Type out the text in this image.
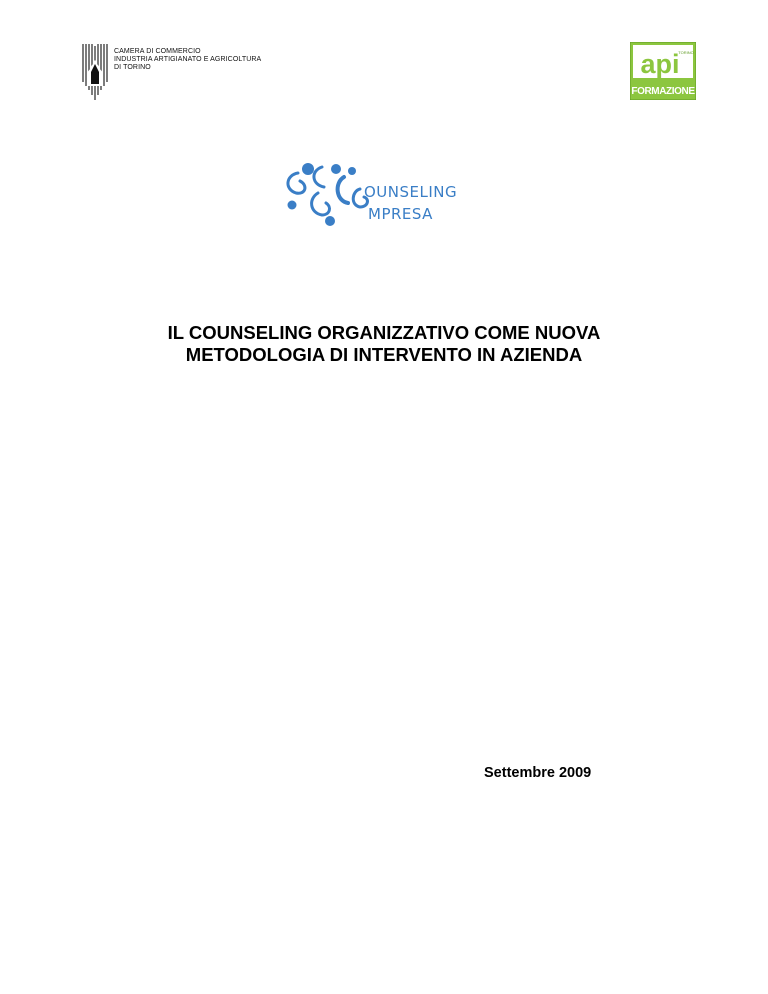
CAMERA DI COMMERCIO
INDUSTRIA ARTIGIANATO E AGRICOLTURA
DI TORINO	api
TORINO
FORMAZIONE
OUNSELING
MPRESA
IL COUNSELING ORGANIZZATIVO COME NUOVA
METODOLOGIA DI INTERVENTO IN AZIENDA
Settembre 2009
